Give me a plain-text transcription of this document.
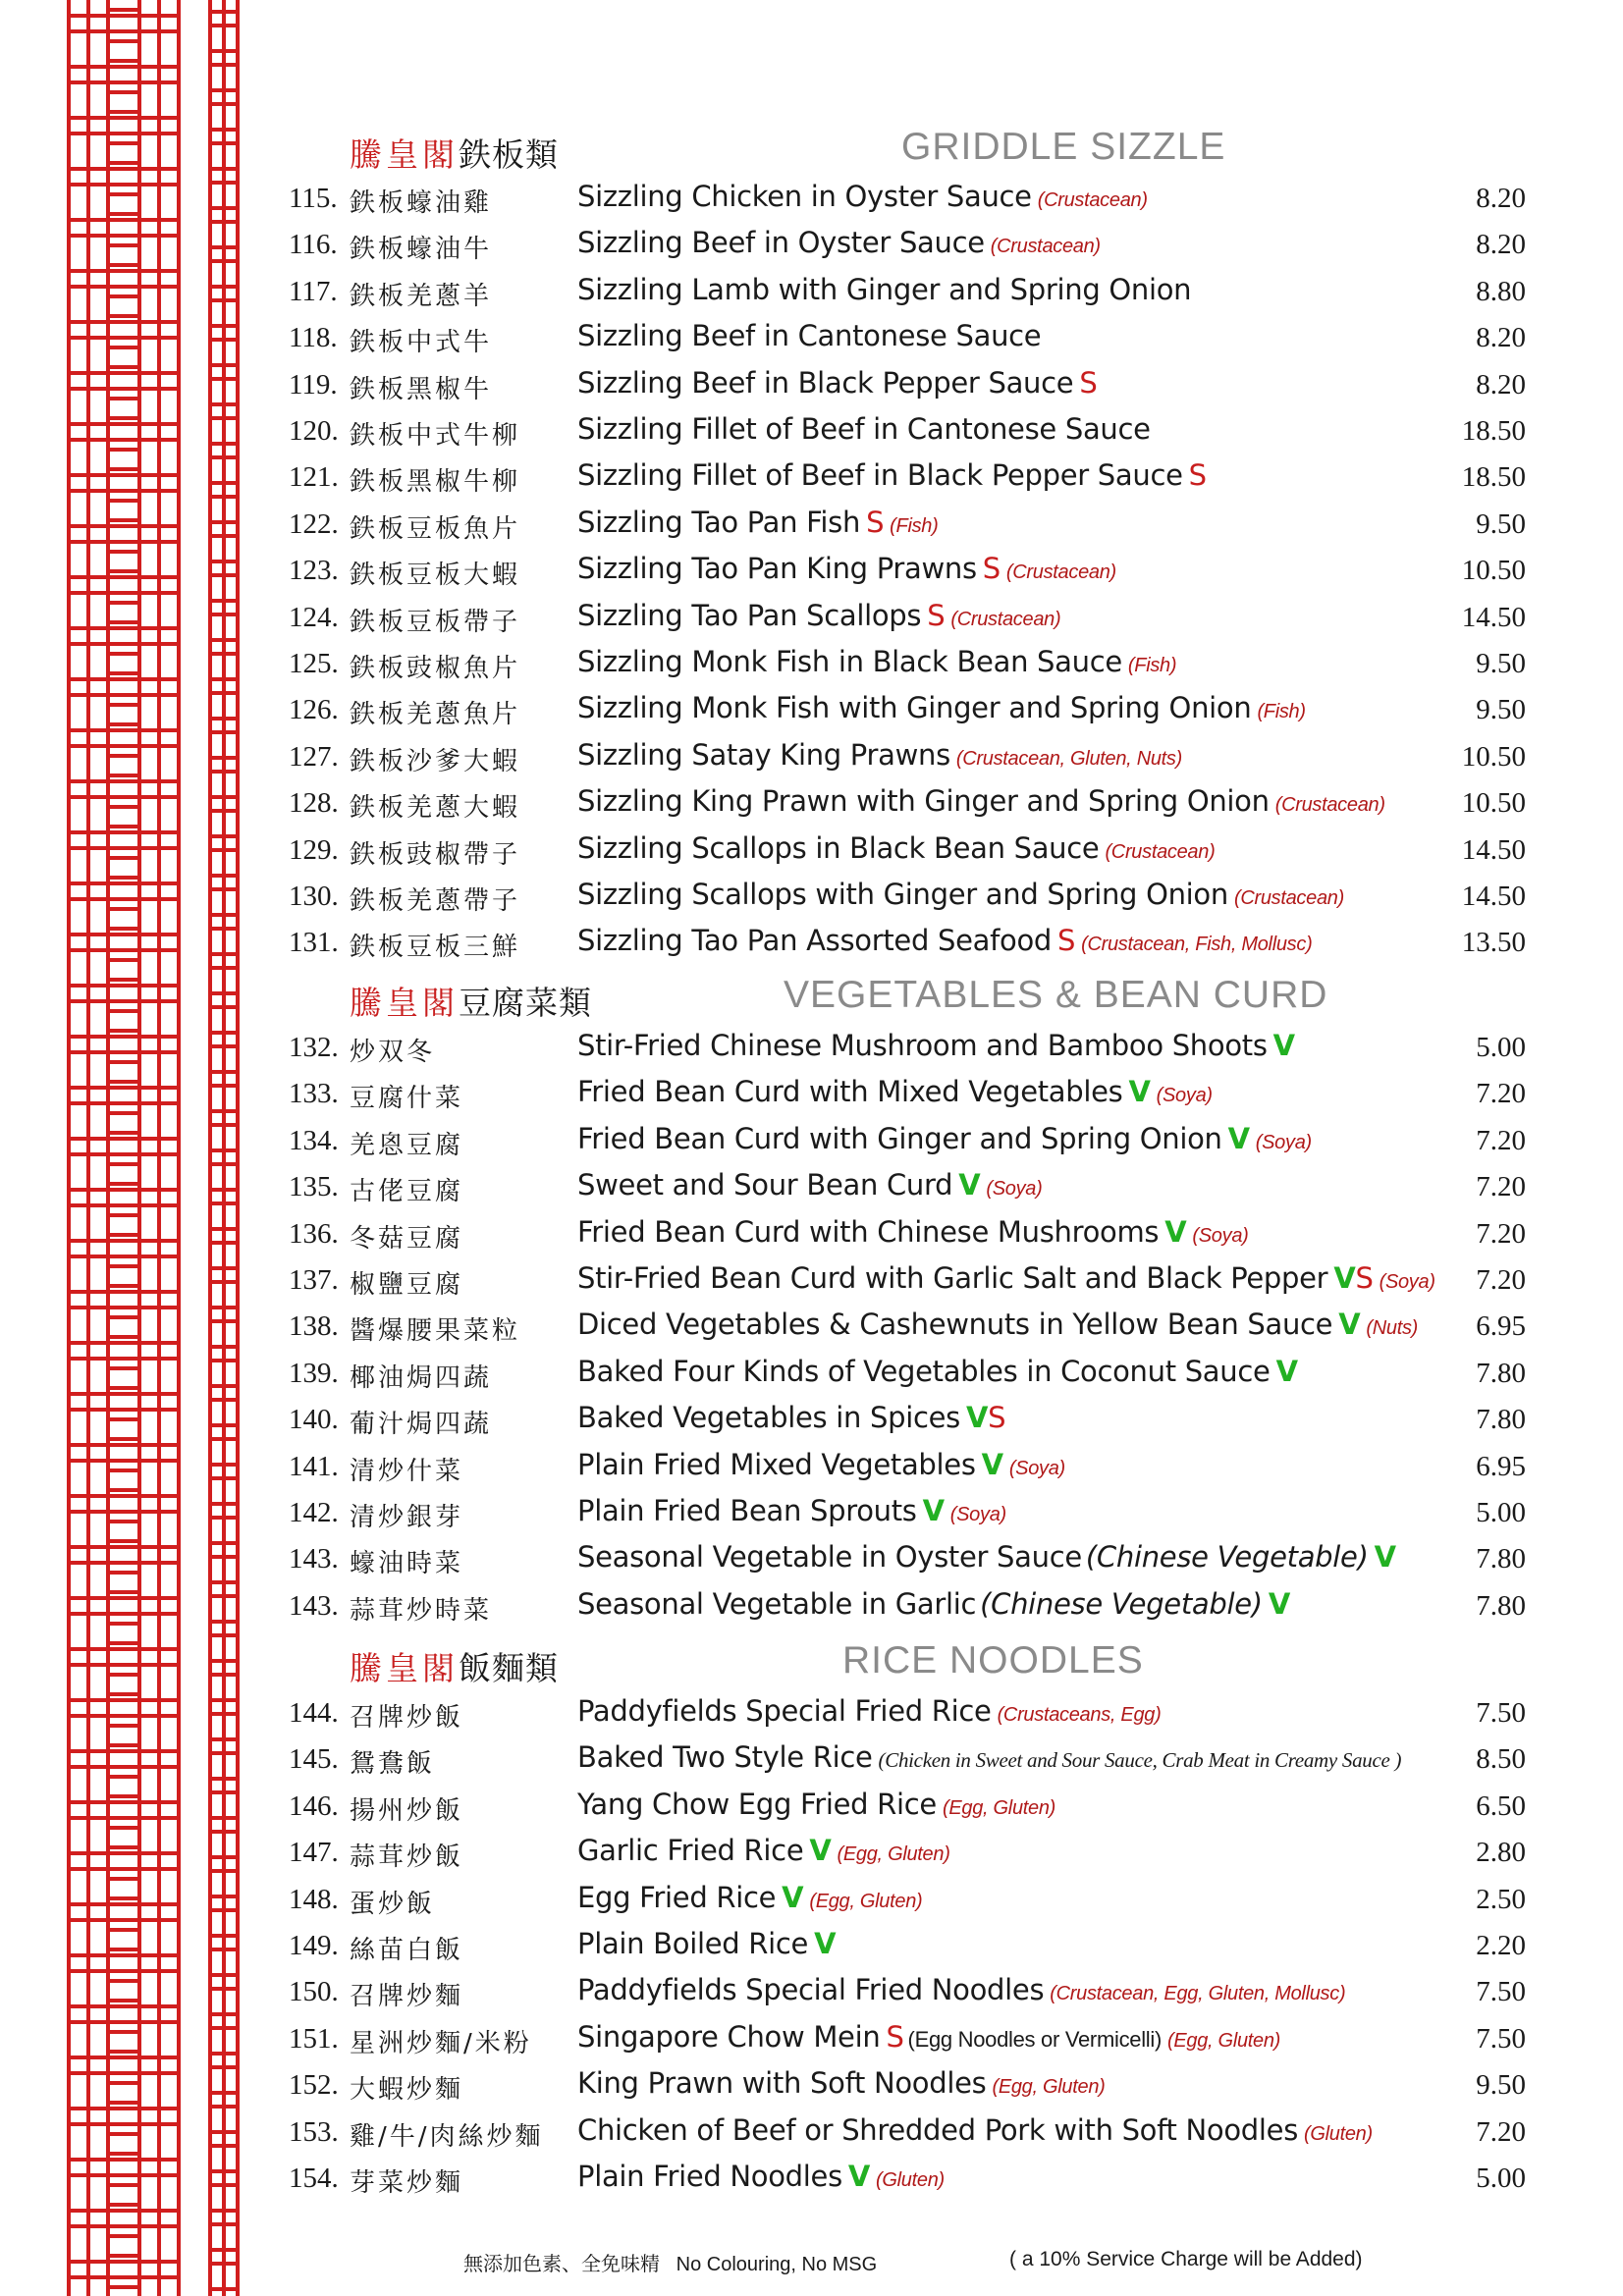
騰皇閣鉄板類	GRIDDLE SIZZLE
115. 鉄板蠔油雞	Sizzling Chicken in Oyster Sauce (Crustacean)	8.20
116. 鉄板蠔油牛	Sizzling Beef in Oyster Sauce (Crustacean)	8.20
117. 鉄板羌蔥羊	Sizzling Lamb with Ginger and Spring Onion	8.80
118. 鉄板中式牛	Sizzling Beef in Cantonese Sauce	8.20
119. 鉄板黑椒牛	Sizzling Beef in Black Pepper Sauce S	8.20
120. 鉄板中式牛柳 Sizzling Fillet of Beef in Cantonese Sauce	18.50
121. 鉄板黑椒牛柳 Sizzling Fillet of Beef in Black Pepper Sauce S	18.50
122. 鉄板豆板魚片 Sizzling Tao Pan Fish S (Fish)	9.50
123. 鉄板豆板大蝦 Sizzling Tao Pan King Prawns S (Crustacean)	10.50
124. 鉄板豆板帶子 Sizzling Tao Pan Scallops S (Crustacean)	14.50
125. 鉄板豉椒魚片 Sizzling Monk Fish in Black Bean Sauce (Fish)	9.50
126. 鉄板羌蔥魚片 Sizzling Monk Fish with Ginger and Spring Onion (Fish)	9.50
127. 鉄板沙爹大蝦 Sizzling Satay King Prawns (Crustacean, Gluten, Nuts)	10.50
128. 鉄板羌蔥大蝦 Sizzling King Prawn with Ginger and Spring Onion (Crustacean)	10.50
129. 鉄板豉椒帶子 Sizzling Scallops in Black Bean Sauce (Crustacean)	14.50
130. 鉄板羌蔥帶子 Sizzling Scallops with Ginger and Spring Onion (Crustacean)	14.50
131. 鉄板豆板三鮮 Sizzling Tao Pan Assorted Seafood S (Crustacean, Fish, Mollusc)	13.50
騰皇閣豆腐菜類	VEGETABLES & BEAN CURD
132. 炒双冬	Stir-Fried Chinese Mushroom and Bamboo Shoots V	5.00
133. 豆腐什菜	Fried Bean Curd with Mixed Vegetables V (Soya)	7.20
134. 羌恖豆腐	Fried Bean Curd with Ginger and Spring Onion V (Soya)	7.20
135. 古佬豆腐	Sweet and Sour Bean Curd V (Soya)	7.20
136. 冬菇豆腐	Fried Bean Curd with Chinese Mushrooms V (Soya)	7.20
137. 椒鹽豆腐	Stir-Fried Bean Curd with Garlic Salt and Black Pepper VS (Soya) 7.20
138. 醬爆腰果菜粒 Diced Vegetables & Cashewnuts in Yellow Bean Sauce V (Nuts) 6.95
139. 椰油焗四蔬	Baked Four Kinds of Vegetables in Coconut Sauce V	7.80
140. 葡汁焗四蔬	Baked Vegetables in Spices VS	7.80
141. 清炒什菜	Plain Fried Mixed Vegetables V (Soya)	6.95
142. 清炒銀芽	Plain Fried Bean Sprouts V (Soya)	5.00
143. 蠔油時菜	Seasonal Vegetable in Oyster Sauce (Chinese Vegetable) V	7.80
143. 蒜茸炒時菜	Seasonal Vegetable in Garlic (Chinese Vegetable) V	7.80
騰皇閣飯麵類	RICE NOODLES
144. 召牌炒飯	Paddyfields Special Fried Rice (Crustaceans, Egg)	7.50
145. 鴛鴦飯	Baked Two Style Rice (Chicken in Sweet and Sour Sauce, Crab Meat in Creamy Sauce )	8.50
146. 揚州炒飯	Yang Chow Egg Fried Rice (Egg, Gluten)	6.50
147. 蒜茸炒飯	Garlic Fried Rice V (Egg, Gluten)	2.80
148. 蛋炒飯	Egg Fried Rice V (Egg, Gluten)	2.50
149. 絲苗白飯	Plain Boiled Rice V	2.20
150. 召牌炒麵	Paddyfields Special Fried Noodles (Crustacean, Egg, Gluten, Mollusc)	7.50
151. 星洲炒麵/米粉 Singapore Chow Mein S (Egg Noodles or Vermicelli) (Egg, Gluten)	7.50
152. 大蝦炒麵	King Prawn with Soft Noodles (Egg, Gluten)	9.50
153. 雞/牛/肉絲炒麵 Chicken of Beef or Shredded Pork with Soft Noodles (Gluten)	7.20
154. 芽菜炒麵	Plain Fried Noodles V (Gluten)	5.00
無添加色素、全免味精 No Colouring, No MSG	( a 10% Service Charge will be Added)
